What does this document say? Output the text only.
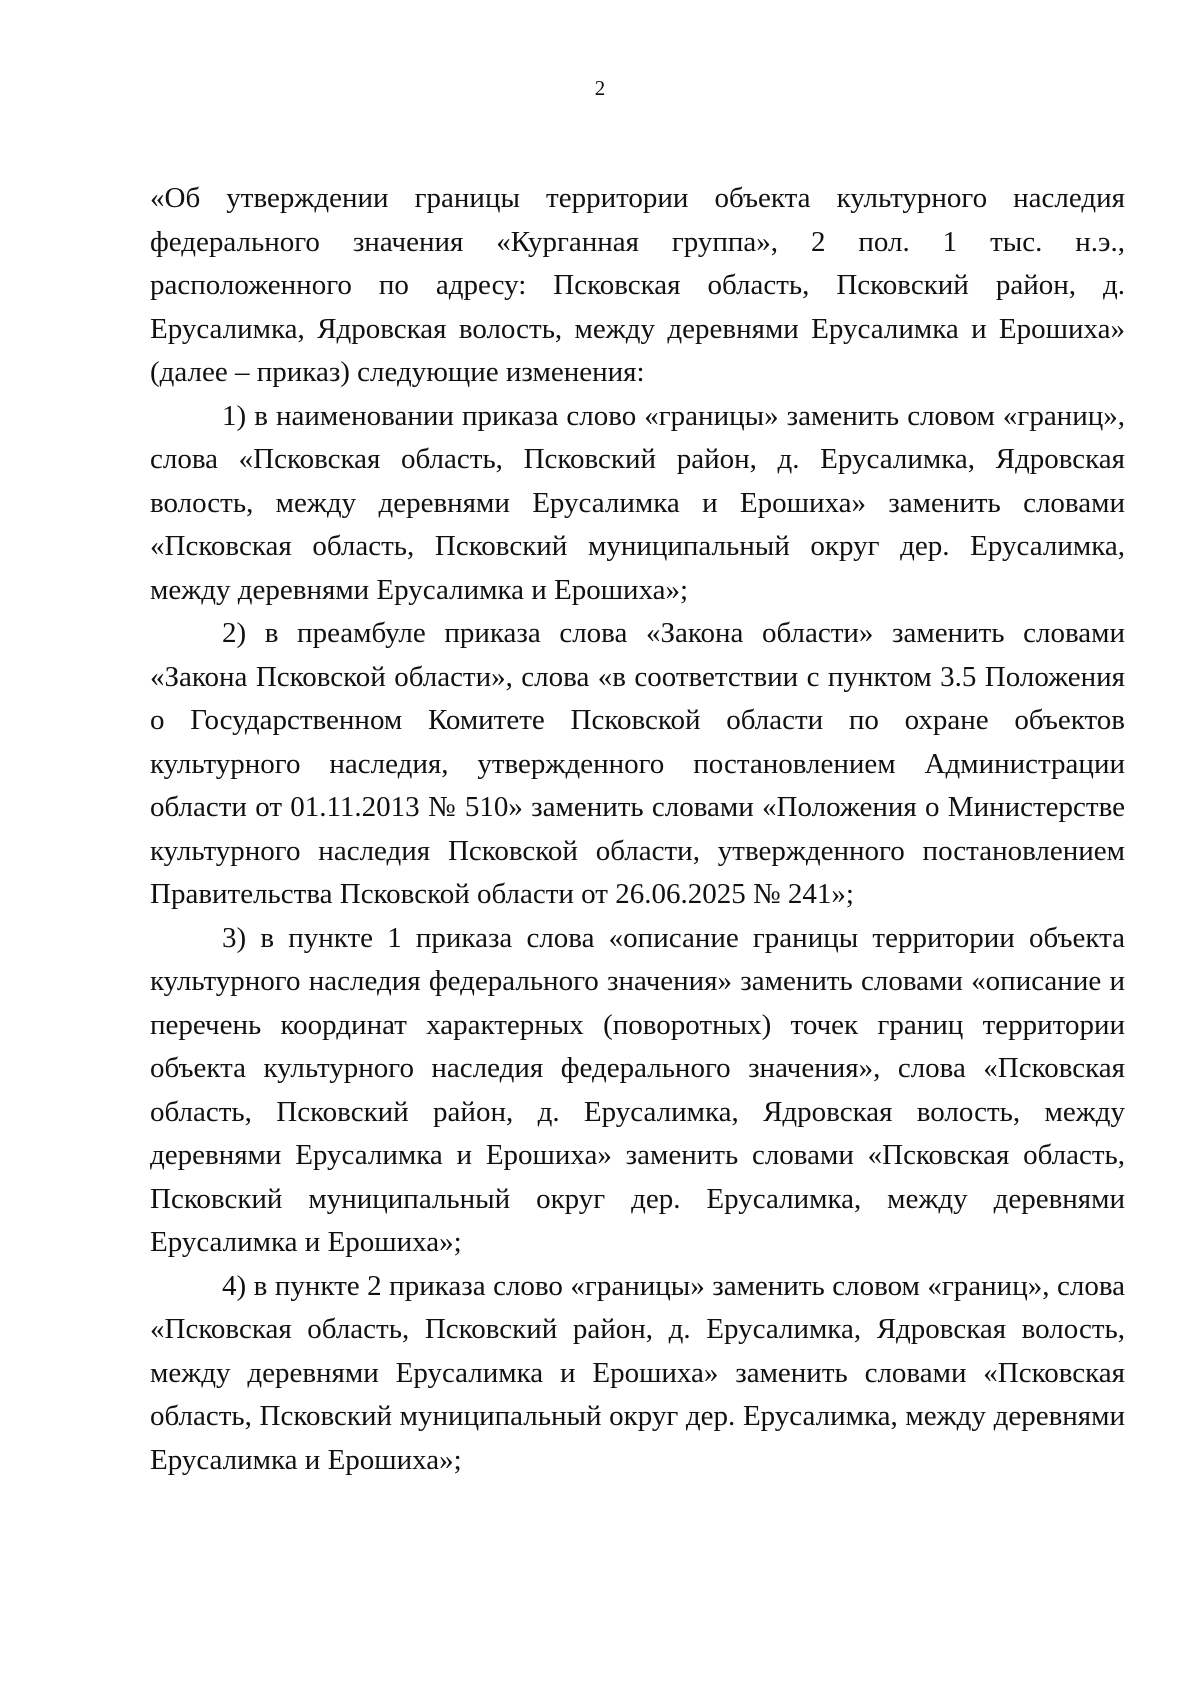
2

«Об утверждении границы территории объекта культурного наследия федерального значения «Курганная группа», 2 пол. 1 тыс. н.э., расположенного по адресу: Псковская область, Псковский район, д. Ерусалимка, Ядровская волость, между деревнями Ерусалимка и Ерошиха» (далее – приказ) следующие изменения:

1) в наименовании приказа слово «границы» заменить словом «границ», слова «Псковская область, Псковский район, д. Ерусалимка, Ядровская волость, между деревнями Ерусалимка и Ерошиха» заменить словами «Псковская область, Псковский муниципальный округ дер. Ерусалимка, между деревнями Ерусалимка и Ерошиха»;

2) в преамбуле приказа слова «Закона области» заменить словами «Закона Псковской области», слова «в соответствии с пунктом 3.5 Положения о Государственном Комитете Псковской области по охране объектов культурного наследия, утвержденного постановлением Администрации области от 01.11.2013 № 510» заменить словами «Положения о Министерстве культурного наследия Псковской области, утвержденного постановлением Правительства Псковской области от 26.06.2025 № 241»;

3) в пункте 1 приказа слова «описание границы территории объекта культурного наследия федерального значения» заменить словами «описание и перечень координат характерных (поворотных) точек границ территории объекта культурного наследия федерального значения», слова «Псковская область, Псковский район, д. Ерусалимка, Ядровская волость, между деревнями Ерусалимка и Ерошиха» заменить словами «Псковская область, Псковский муниципальный округ дер. Ерусалимка, между деревнями Ерусалимка и Ерошиха»;

4) в пункте 2 приказа слово «границы» заменить словом «границ», слова «Псковская область, Псковский район, д. Ерусалимка, Ядровская волость, между деревнями Ерусалимка и Ерошиха» заменить словами «Псковская область, Псковский муниципальный округ дер. Ерусалимка, между деревнями Ерусалимка и Ерошиха»;
